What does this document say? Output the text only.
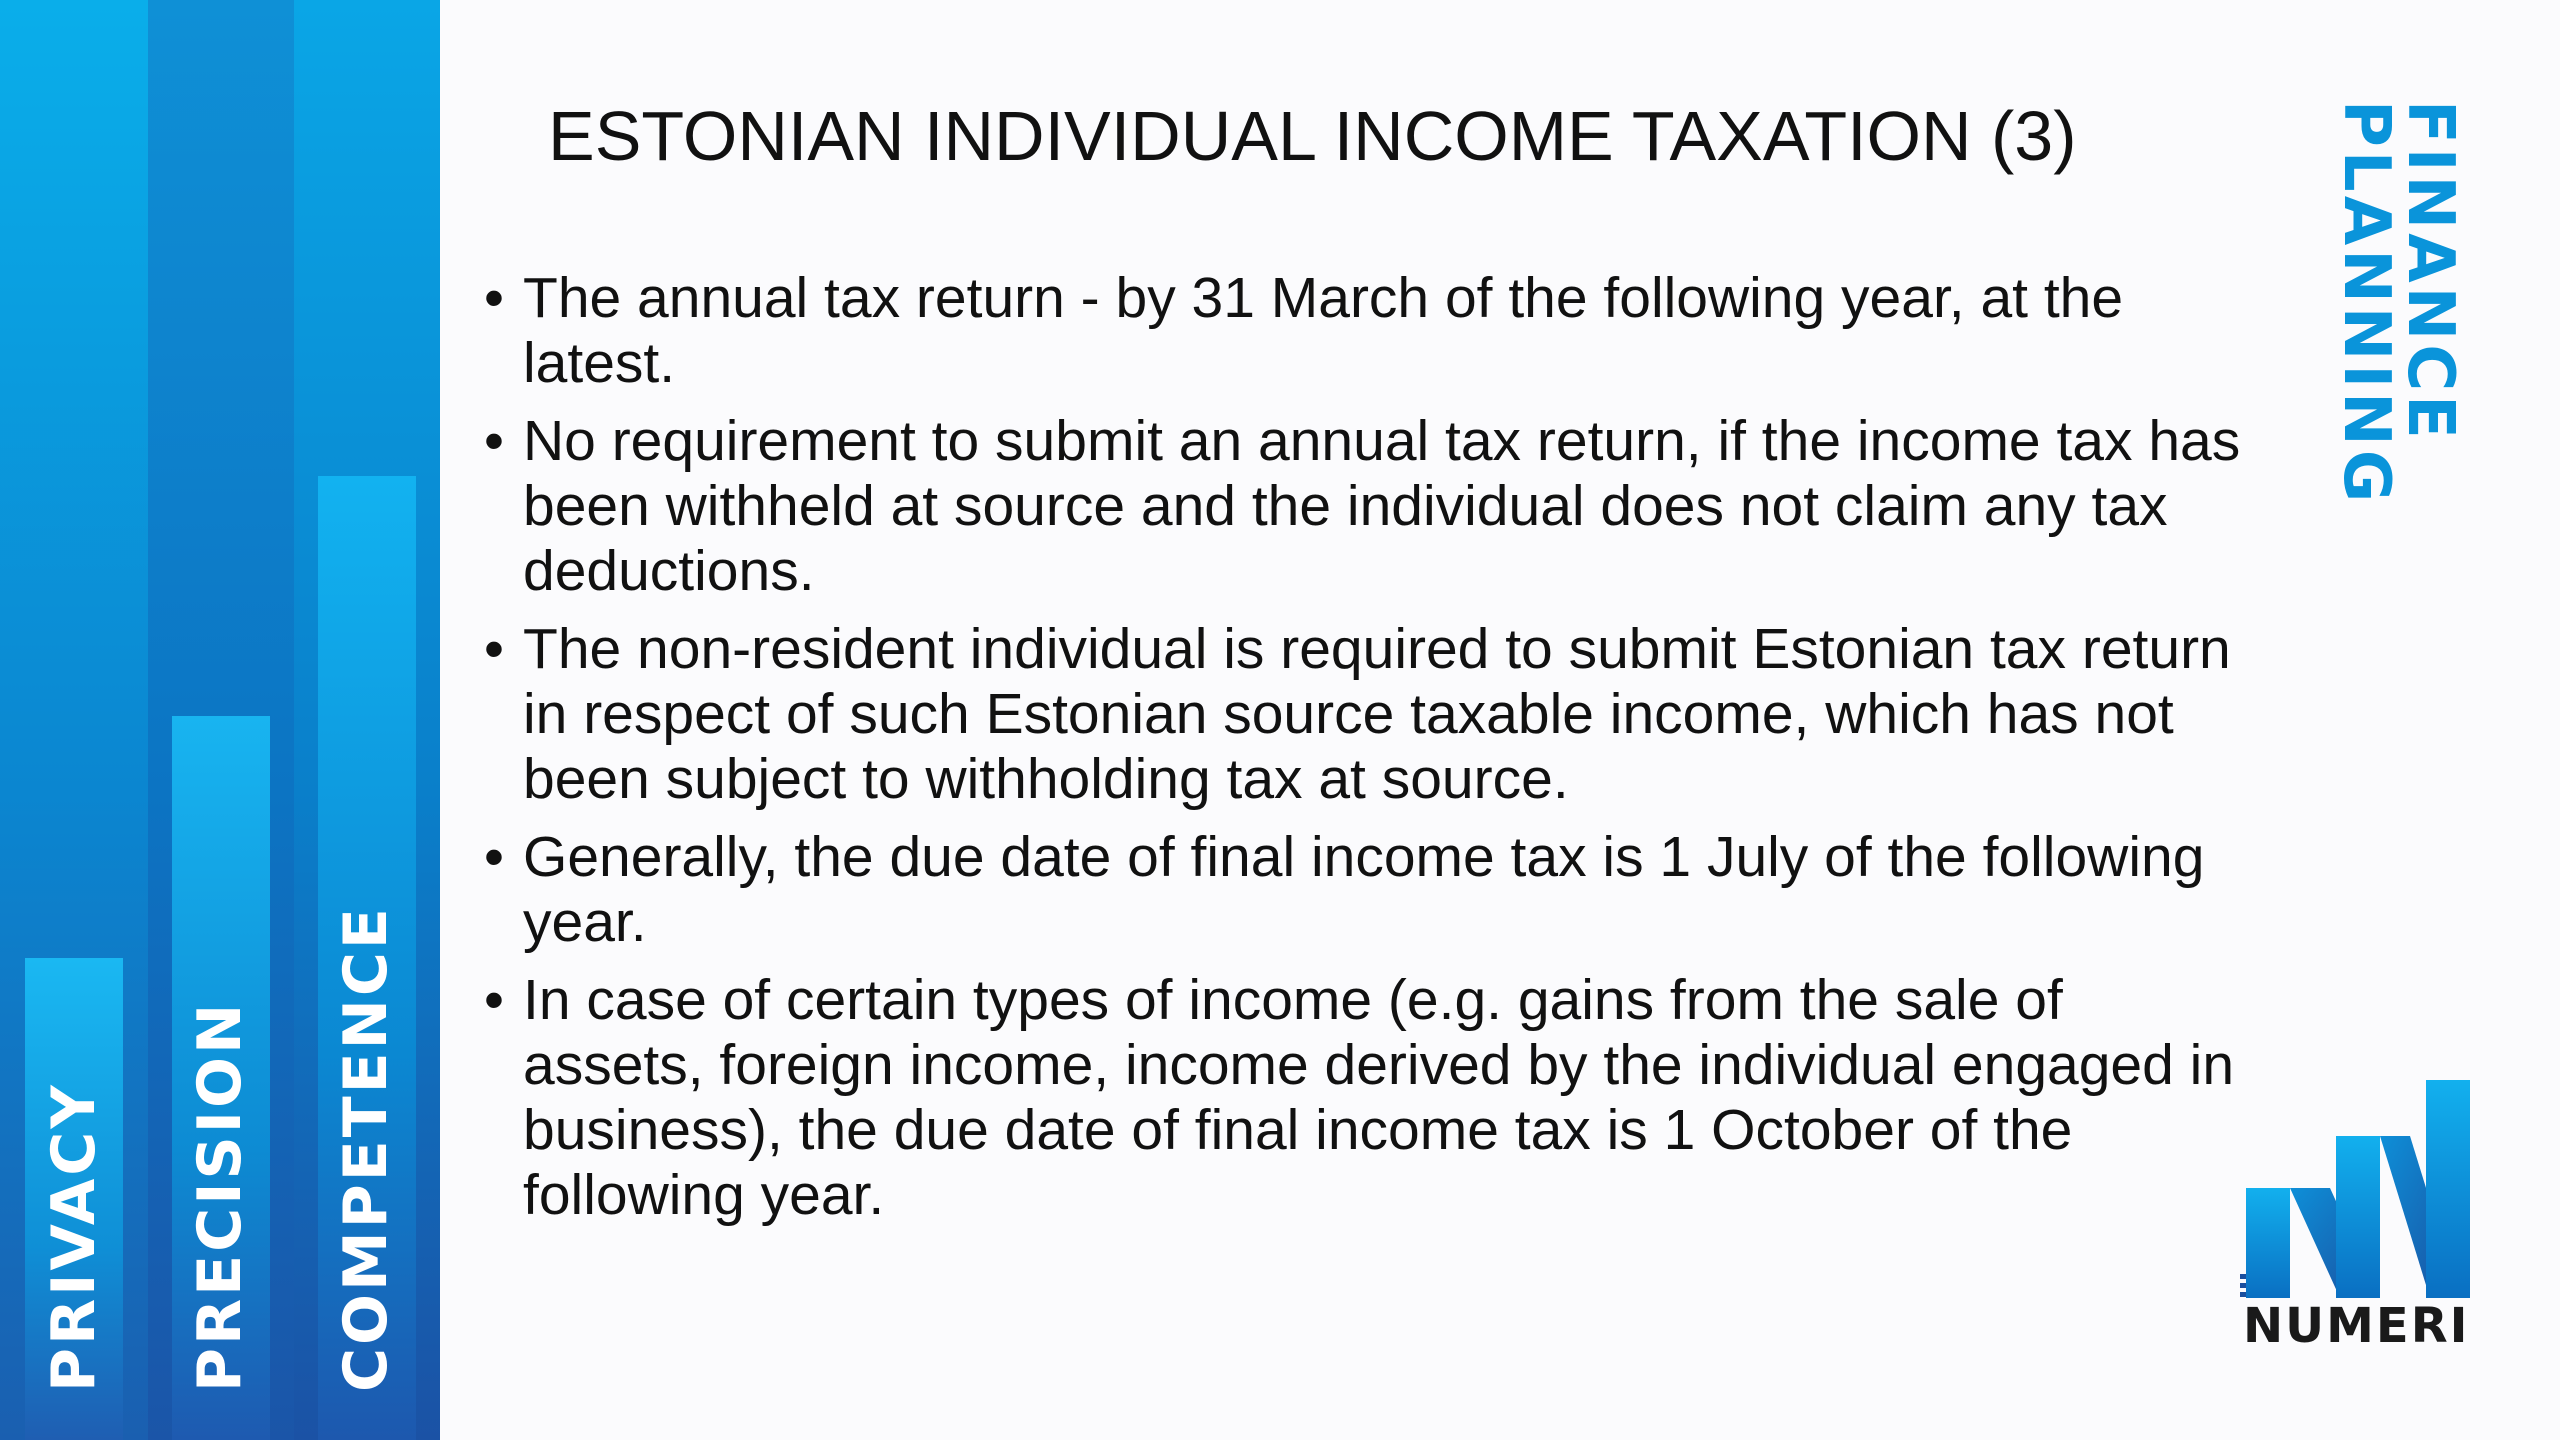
PRIVACY PRECISION COMPETENCE
ESTONIAN INDIVIDUAL INCOME TAXATION (3)
• The annual tax return - by 31 March of the following year, at the latest.
• No requirement to submit an annual tax return, if the income tax has been withheld at source and the individual does not claim any tax deductions.
• The non-resident individual is required to submit Estonian tax return in respect of such Estonian source taxable income, which has not been subject to withholding tax at source.
• Generally, the due date of final income tax is 1 July of the following year.
• In case of certain types of income (e.g. gains from the sale of assets, foreign income, income derived by the individual engaged in business), the due date of final income tax is 1 October of the following year.
FINANCE
PLANNING
NUMERI
